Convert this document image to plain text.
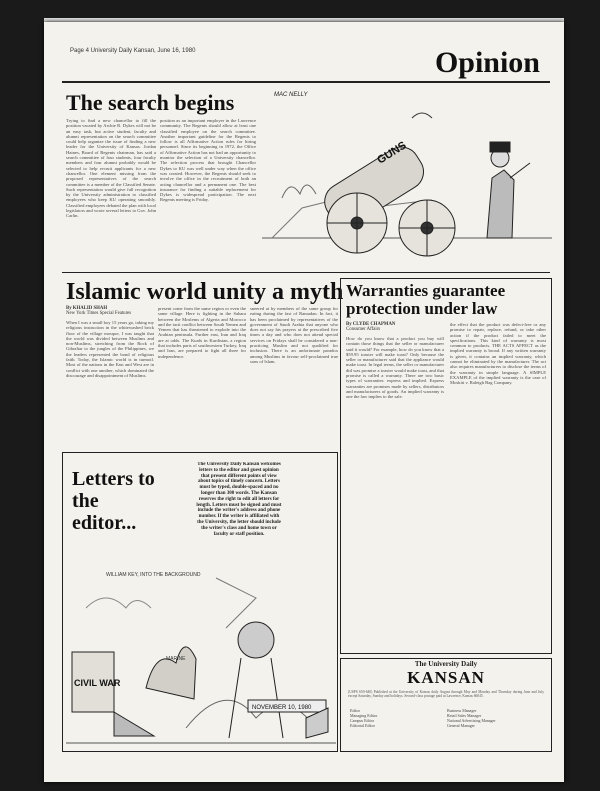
Page 4 University Daily Kansan, June 16, 1980	Opinion
The search begins
Trying to find a new chancellor to fill the position vacated by Archie R. Dykes will not be an easy task, but active student, faculty and alumni representation on the search committee could help organize the issue of finding a new leader for the University of Kansas. Jordan Haines, Board of Regents chairman, has said a search committee of four students, four faculty members and four alumni probably would be selected to help recruit applicants for a new chancellor. One element missing from the proposed representatives of the search committee is a member of the Classified Senate. Such representation would give full recognition by the University administration to classified employees who keep KU operating smoothly. Classified employees debated the plan with local legislators and wrote several letters to Gov. John Carlin.
position as an important employer in the Lawrence community. The Regents should allow at least one classified employee on the search committee. Another important guideline for the Regents to follow is all Affirmative Action rules for hiring personnel. Since its beginning in 1972, the Office of Affirmative Action has not had an opportunity to monitor the selection of a University chancellor. The selection process that brought Chancellor Dykes to KU was well under way when the office was created. However, the Regents should seek to involve the office in the recruitment of both an acting chancellor and a permanent one. The best insurance for finding a suitable replacement for Dykes is widespread participation. The next Regents meeting is Friday.
GUNS
MAC NELLY
Islamic world unity a myth
By KHALID SHAH
New York Times Special Features
When I was a small boy 15 years go, taking my religious instruction in the whitewashed brick floor of the village mosque, I was taught that the world was divided between Muslims and non-Muslims, stretching from the Rock of Gibraltar to the jungles of the Philippines, we the leaders represented the bond of religious faith. Today, the Islamic world is in turmoil. Most of the nations in the East and West are in conflict with one another, which dominated the discourage and disappointment of Muslims.
present come from the same region or even the same village. Here is fighting in the Sahara between the Moslems of Algeria and Morocco and the tacit conflict between South Yemen and Yemen that has threatened to explode into the Arabian peninsula. Further east, Iran and Iraq are at odds. The Kurds in Kurdistan, a region that includes parts of southwestern Turkey, Iraq and Iran, are prepared to fight all three for independence.
sneered at by members of the same group for eating during the fast of Ramadan. In fact, it has been proclaimed by representatives of the government of Saudi Arabia that anyone who does not say his prayers at the prescribed five times a day and who does not attend special services on Fridays shall be considered a non-practicing Muslim and not qualified for inclusion. There is an unfortunate paradox among Muslims in favour self-proclaimed true sons of Islam.
Warranties guarantee protection under law
By CLYDE CHAPMAN
Consumer Affairs
How do you know that a product you buy will contain those things that the seller or manufacturer said it would? For example, how do you know that a $59.95 toaster will make toast? Only because the seller or manufacturer said that the appliance would make toast. In legal terms, the seller or manufacturer did was promise a toaster would make toast, and that promise is called a warranty. There are two basic types of warranties: express and implied. Express warranties are promises made by sellers, distributors and manufacturers of goods. An implied warranty is one the law implies to the sale.
the effect that the product was defect-free or any promise to repair, replace, refund, or take other action if the product failed to meet the specifications. This kind of warranty is most common to products. THE ACTS AFFECT as the implied warranty is broad. If any written warranty is given, it contains an implied warranty, which cannot be eliminated by the manufacturer. The act also requires manufacturers to disclose the terms of the warranty in simple language. A SIMPLE EXAMPLE of the implied warranty is the case of Moskitt v. Raleigh Bag Company.
Letters to the editor...
The University Daily Kansan welcomes letters to the editor and guest opinion that present different points of view about topics of timely concern. Letters must be typed, double-spaced and no longer than 300 words. The Kansan reserves the right to edit all letters for length. Letters must be signed and must include the writer's address and phone number. If the writer is affiliated with the University, the letter should include the writer's class and home town or faculty or staff position.
CIVIL WAR
NOVEMBER 10, 1980
MARINE
WILLIAM KEY, INTO THE BACKGROUND
The University Daily
KANSAN
(USPS 650-640) Published at the University of Kansas daily August through May and Monday and Thursday during June and July except Saturday, Sunday and holidays. Second-class postage paid at Lawrence, Kansas 66045.
Editor
Managing Editor
Campus Editor
Editorial Editor
Business Manager
Retail Sales Manager
National Advertising Manager
General Manager
